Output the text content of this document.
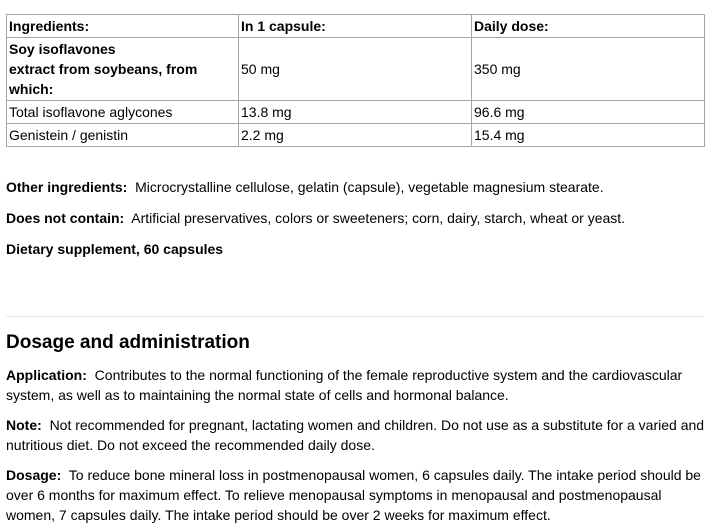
Ingredients:	In 1 capsule:	Daily dose:
Soy isoflavones
extract from soybeans, from
which:	50 mg	350 mg
Total isoflavone aglycones	13.8 mg	96.6 mg
Genistein / genistin	2.2 mg	15.4 mg

Other ingredients: Microcrystalline cellulose, gelatin (capsule), vegetable magnesium stearate.

Does not contain: Artificial preservatives, colors or sweeteners; corn, dairy, starch, wheat or yeast.

Dietary supplement, 60 capsules

Dosage and administration

Application: Contributes to the normal functioning of the female reproductive system and the cardiovascular
system, as well as to maintaining the normal state of cells and hormonal balance.

Note: Not recommended for pregnant, lactating women and children. Do not use as a substitute for a varied and
nutritious diet. Do not exceed the recommended daily dose.

Dosage: To reduce bone mineral loss in postmenopausal women, 6 capsules daily. The intake period should be
over 6 months for maximum effect. To relieve menopausal symptoms in menopausal and postmenopausal
women, 7 capsules daily. The intake period should be over 2 weeks for maximum effect.
